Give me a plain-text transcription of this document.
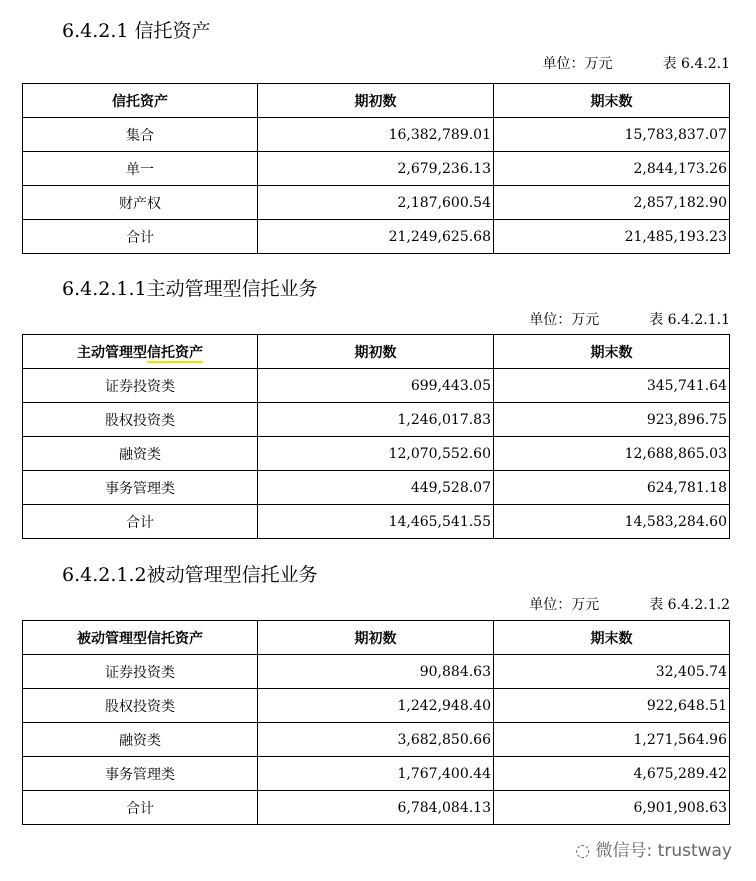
6.4.2.1 信托资产
单位：万元	表 6.4.2.1
信托资产	期初数	期末数
集合	16,382,789.01	15,783,837.07
单一	2,679,236.13	2,844,173.26
财产权	2,187,600.54	2,857,182.90
合计	21,249,625.68	21,485,193.23
6.4.2.1.1主动管理型信托业务
单位：万元	表 6.4.2.1.1
主动管理型信托资产	期初数	期末数
证券投资类	699,443.05	345,741.64
股权投资类	1,246,017.83	923,896.75
融资类	12,070,552.60	12,688,865.03
事务管理类	449,528.07	624,781.18
合计	14,465,541.55	14,583,284.60
6.4.2.1.2被动管理型信托业务
单位：万元	表 6.4.2.1.2
被动管理型信托资产	期初数	期末数
证券投资类	90,884.63	32,405.74
股权投资类	1,242,948.40	922,648.51
融资类	3,682,850.66	1,271,564.96
事务管理类	1,767,400.44	4,675,289.42
合计	6,784,084.13	6,901,908.63
◌ 微信号: trustway
